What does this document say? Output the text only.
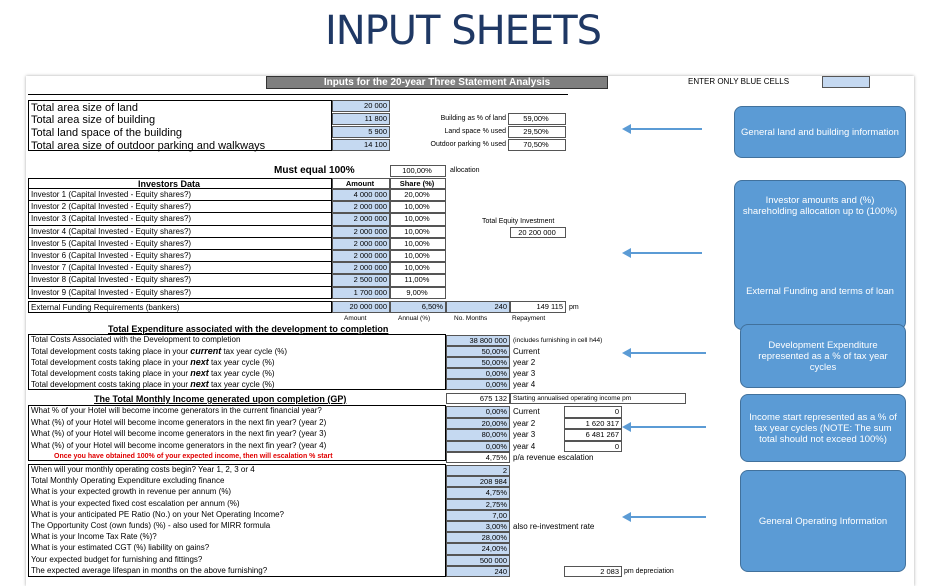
INPUT SHEETS
Inputs for the 20-year Three Statement Analysis	ENTER ONLY BLUE CELLS
Total area size of land	20 000
Total area size of building	11 800	Building as % of land	59,00%
Total land space of the building	5 900	Land space % used	29,50%
Total area size of outdoor parking and walkways	14 100	Outdoor parking % used	70,50%
Must equal 100%	100,00%	allocation
Investors Data	Amount	Share (%)
Investor 1 (Capital Invested - Equity shares?)	4 000 000	20,00%
Investor 2 (Capital Invested - Equity shares?)	2 000 000	10,00%
Investor 3 (Capital Invested - Equity shares?)	2 000 000	10,00%
Investor 4 (Capital Invested - Equity shares?)	2 000 000	10,00%
Investor 5 (Capital Invested - Equity shares?)	2 000 000	10,00%
Investor 6 (Capital Invested - Equity shares?)	2 000 000	10,00%
Investor 7 (Capital Invested - Equity shares?)	2 000 000	10,00%
Investor 8 (Capital Invested - Equity shares?)	2 500 000	11,00%
Investor 9 (Capital Invested - Equity shares?)	1 700 000	9,00%
Total Equity Investment
20 200 000
External Funding Requirements (bankers)	20 000 000	6,50%	240	149 115 pm
Amount	Annual (%)	No. Months	Repayment
Total Expenditure associated with the development to completion
Total Costs Associated with the Development to completion	38 800 000 (includes furnishing in cell h44)
Total development costs taking place in your current tax year cycle (%)	50,00% Current
Total development costs taking place in your next tax year cycle (%)	50,00% year 2
Total development costs taking place in your next tax year cycle (%)	0,00% year 3
Total development costs taking place in your next tax year cycle (%)	0,00% year 4
The Total Monthly Income generated upon completion (GP)	675 132 Starting annualised operating income pm
What % of your Hotel will become income generators in the current financial year?	0,00% Current	0
What (%) of your Hotel will become income generators in the next fin year? (year 2)	20,00% year 2	1 620 317
What (%) of your Hotel will become income generators in the next fin year? (year 3)	80,00% year 3	6 481 267
What (%) of your Hotel will become income generators in the next fin year? (year 4)	0,00% year 4	0
Once you have obtained 100% of your expected income, then will escalation % start	4,75% p/a revenue escalation
When will your monthly operating costs begin? Year 1, 2, 3 or 4	2
Total Monthly Operating Expenditure excluding finance	208 984
What is your expected growth in revenue per annum (%)	4,75%
What is your expected fixed cost escalation per annum (%)	2,75%
What is your anticipated PE Ratio (No.) on your Net Operating Income?	7,00
The Opportunity Cost (own funds) (%) - also used for MIRR formula	3,00% also re-investment rate
What is your Income Tax Rate (%)?	28,00%
What is your estimated CGT (%) liability on gains?	24,00%
Your expected budget for furnishing and fittings?	500 000
The expected average lifespan in months on the above furnishing?	240	2 083 pm depreciation
General land and building information
Investor amounts and (%) shareholding allocation up to (100%)
External Funding and terms of loan
Development Expenditure represented as a % of tax year cycles
Income start represented as a % of tax year cycles (NOTE: The sum total should not exceed 100%)
General Operating Information
